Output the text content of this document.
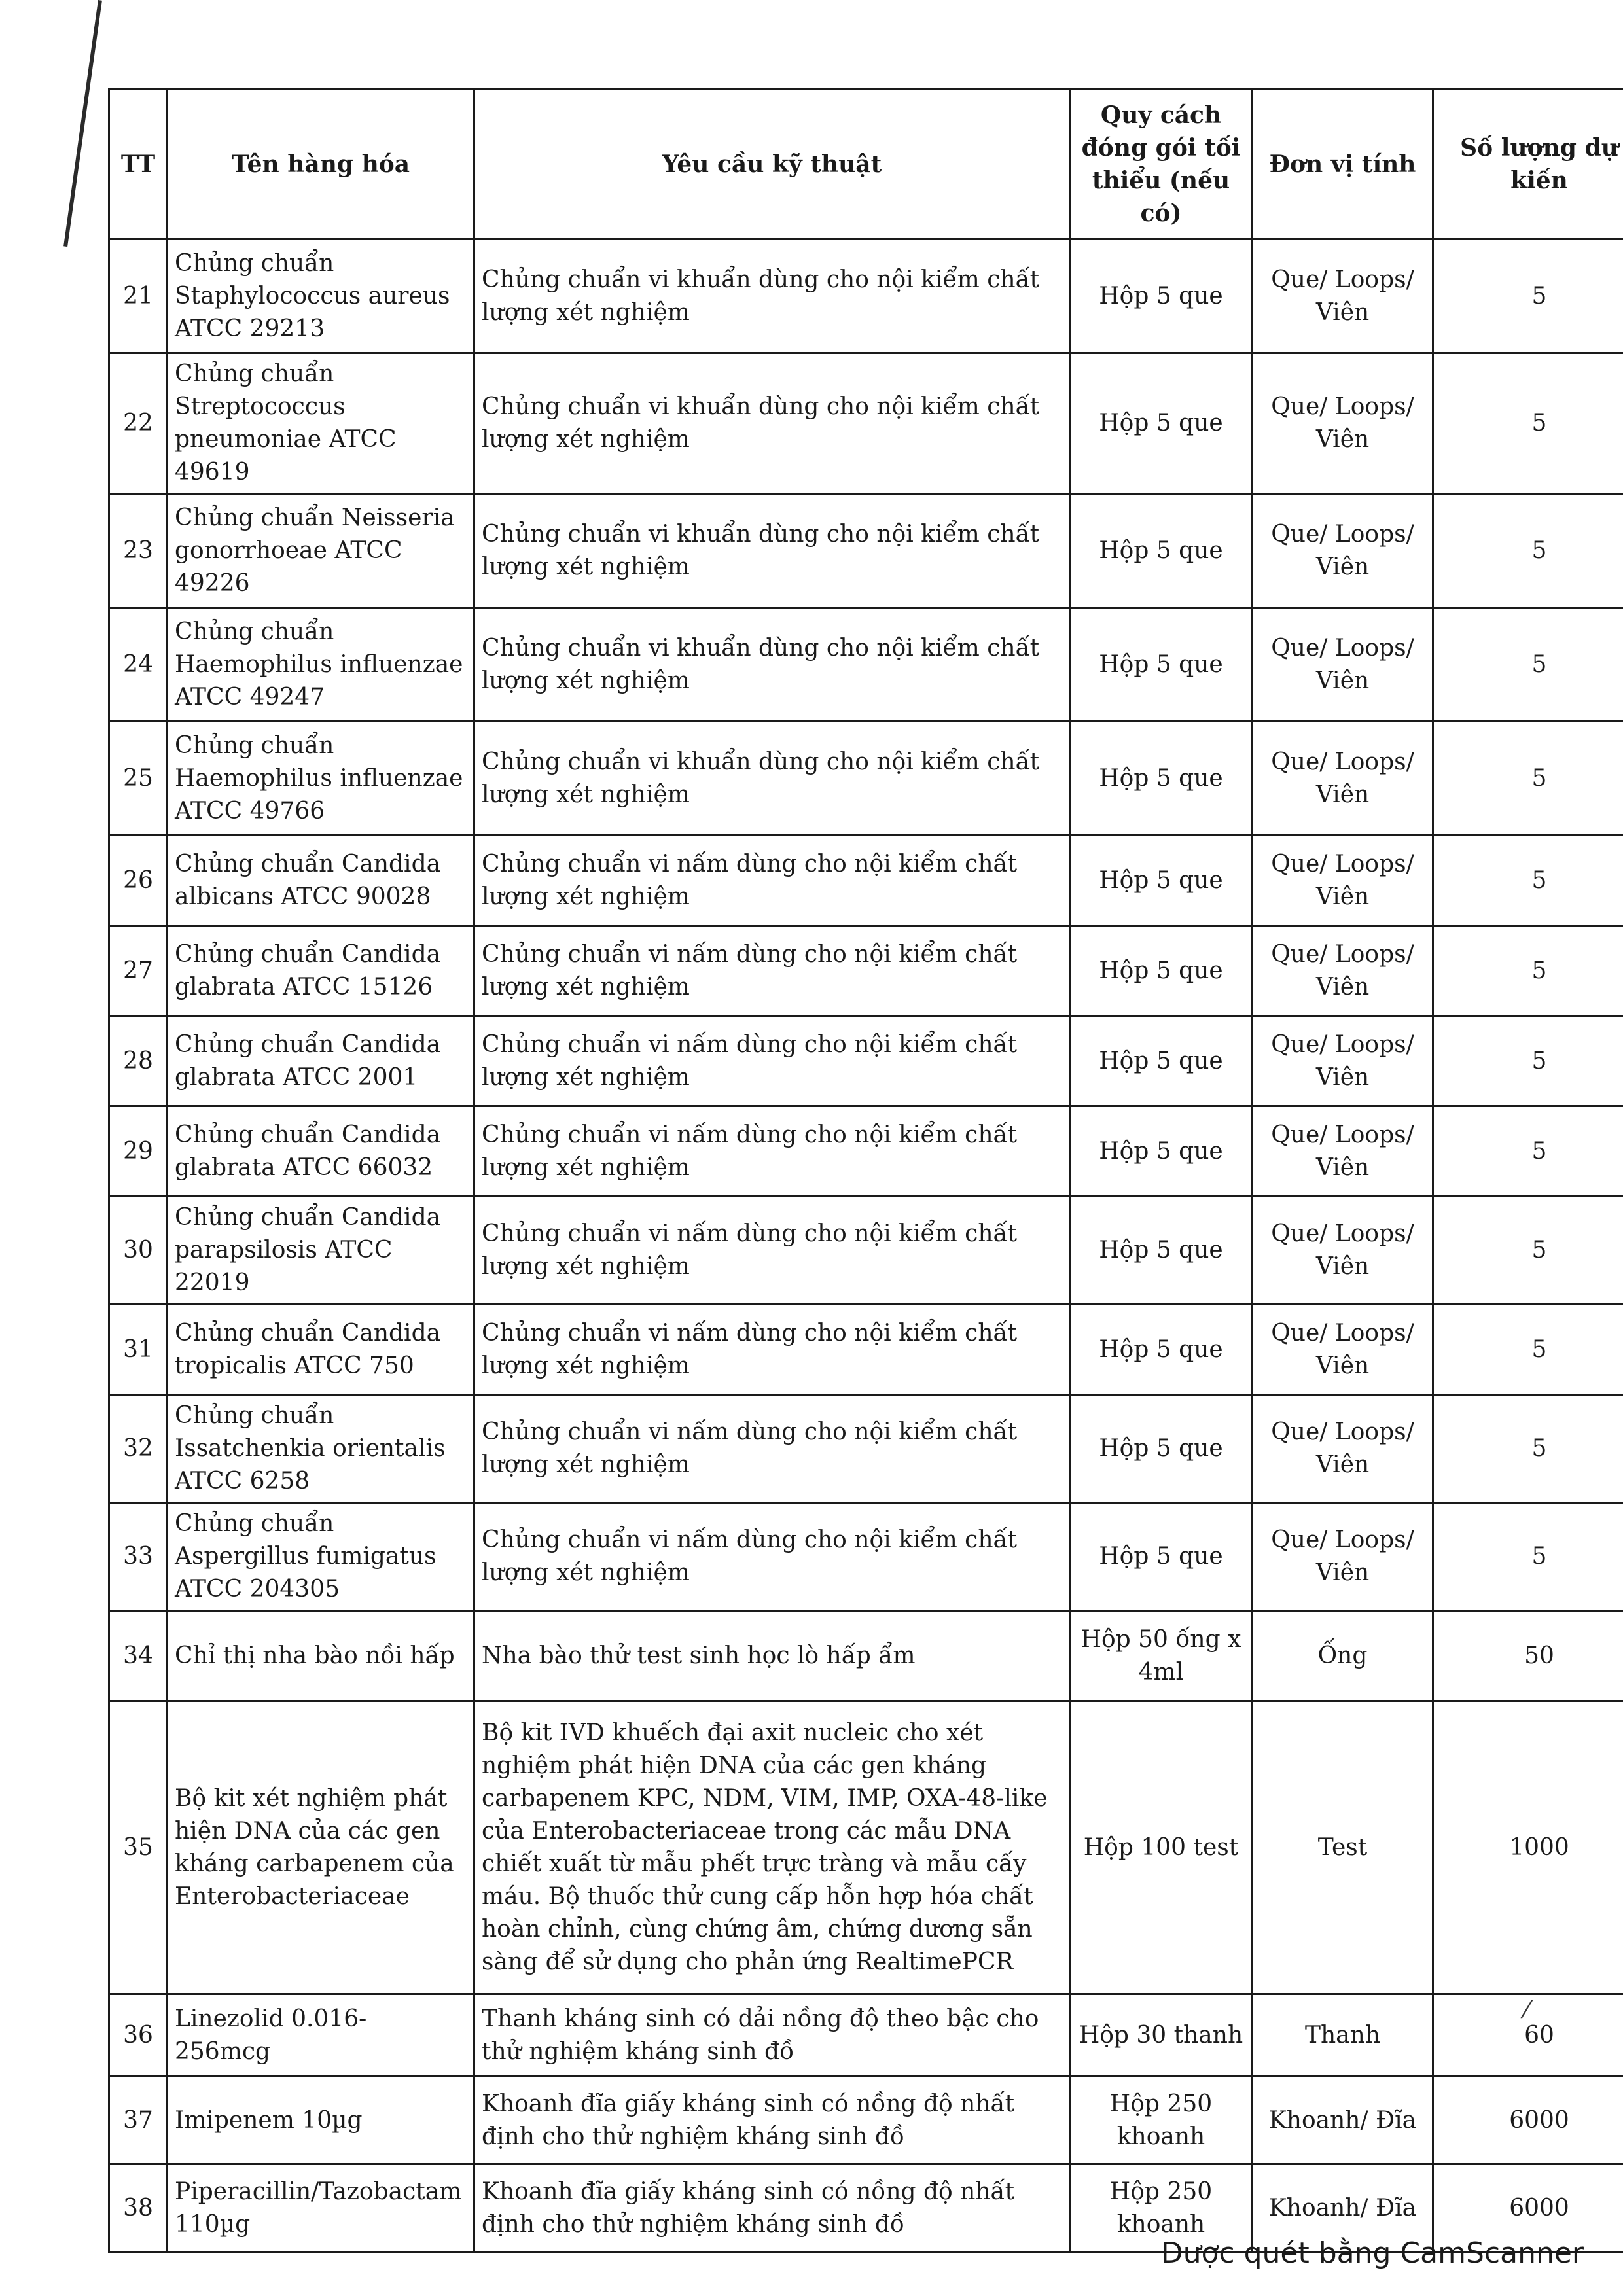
TT	Tên hàng hóa	Yêu cầu kỹ thuật	Quy cách đóng gói tối thiểu (nếu có)	Đơn vị tính	Số lượng dự kiến
21	Chủng chuẩn Staphylococcus aureus ATCC 29213	Chủng chuẩn vi khuẩn dùng cho nội kiểm chất lượng xét nghiệm	Hộp 5 que	Que/ Loops/ Viên	5
22	Chủng chuẩn Streptococcus pneumoniae ATCC 49619	Chủng chuẩn vi khuẩn dùng cho nội kiểm chất lượng xét nghiệm	Hộp 5 que	Que/ Loops/ Viên	5
23	Chủng chuẩn Neisseria gonorrhoeae ATCC 49226	Chủng chuẩn vi khuẩn dùng cho nội kiểm chất lượng xét nghiệm	Hộp 5 que	Que/ Loops/ Viên	5
24	Chủng chuẩn Haemophilus influenzae ATCC 49247	Chủng chuẩn vi khuẩn dùng cho nội kiểm chất lượng xét nghiệm	Hộp 5 que	Que/ Loops/ Viên	5
25	Chủng chuẩn Haemophilus influenzae ATCC 49766	Chủng chuẩn vi khuẩn dùng cho nội kiểm chất lượng xét nghiệm	Hộp 5 que	Que/ Loops/ Viên	5
26	Chủng chuẩn Candida albicans ATCC 90028	Chủng chuẩn vi nấm dùng cho nội kiểm chất lượng xét nghiệm	Hộp 5 que	Que/ Loops/ Viên	5
27	Chủng chuẩn Candida glabrata ATCC 15126	Chủng chuẩn vi nấm dùng cho nội kiểm chất lượng xét nghiệm	Hộp 5 que	Que/ Loops/ Viên	5
28	Chủng chuẩn Candida glabrata ATCC 2001	Chủng chuẩn vi nấm dùng cho nội kiểm chất lượng xét nghiệm	Hộp 5 que	Que/ Loops/ Viên	5
29	Chủng chuẩn Candida glabrata ATCC 66032	Chủng chuẩn vi nấm dùng cho nội kiểm chất lượng xét nghiệm	Hộp 5 que	Que/ Loops/ Viên	5
30	Chủng chuẩn Candida parapsilosis ATCC 22019	Chủng chuẩn vi nấm dùng cho nội kiểm chất lượng xét nghiệm	Hộp 5 que	Que/ Loops/ Viên	5
31	Chủng chuẩn Candida tropicalis ATCC 750	Chủng chuẩn vi nấm dùng cho nội kiểm chất lượng xét nghiệm	Hộp 5 que	Que/ Loops/ Viên	5
32	Chủng chuẩn Issatchenkia orientalis ATCC 6258	Chủng chuẩn vi nấm dùng cho nội kiểm chất lượng xét nghiệm	Hộp 5 que	Que/ Loops/ Viên	5
33	Chủng chuẩn Aspergillus fumigatus ATCC 204305	Chủng chuẩn vi nấm dùng cho nội kiểm chất lượng xét nghiệm	Hộp 5 que	Que/ Loops/ Viên	5
34	Chỉ thị nha bào nồi hấp	Nha bào thử test sinh học lò hấp ẩm	Hộp 50 ống x 4ml	Ống	50
35	Bộ kit xét nghiệm phát hiện DNA của các gen kháng carbapenem của Enterobacteriaceae	Bộ kit IVD khuếch đại axit nucleic cho xét nghiệm phát hiện DNA của các gen kháng carbapenem KPC, NDM, VIM, IMP, OXA-48-like của Enterobacteriaceae trong các mẫu DNA chiết xuất từ mẫu phết trực tràng và mẫu cấy máu. Bộ thuốc thử cung cấp hỗn hợp hóa chất hoàn chỉnh, cùng chứng âm, chứng dương sẵn sàng để sử dụng cho phản ứng RealtimePCR	Hộp 100 test	Test	1000
36	Linezolid 0.016- 256mcg	Thanh kháng sinh có dải nồng độ theo bậc cho thử nghiệm kháng sinh đồ	Hộp 30 thanh	Thanh	60
37	Imipenem 10µg	Khoanh đĩa giấy kháng sinh có nồng độ nhất định cho thử nghiệm kháng sinh đồ	Hộp 250 khoanh	Khoanh/ Đĩa	6000
38	Piperacillin/Tazobactam 110µg	Khoanh đĩa giấy kháng sinh có nồng độ nhất định cho thử nghiệm kháng sinh đồ	Hộp 250 khoanh	Khoanh/ Đĩa	6000
⁄
Được quét bằng CamScanner
